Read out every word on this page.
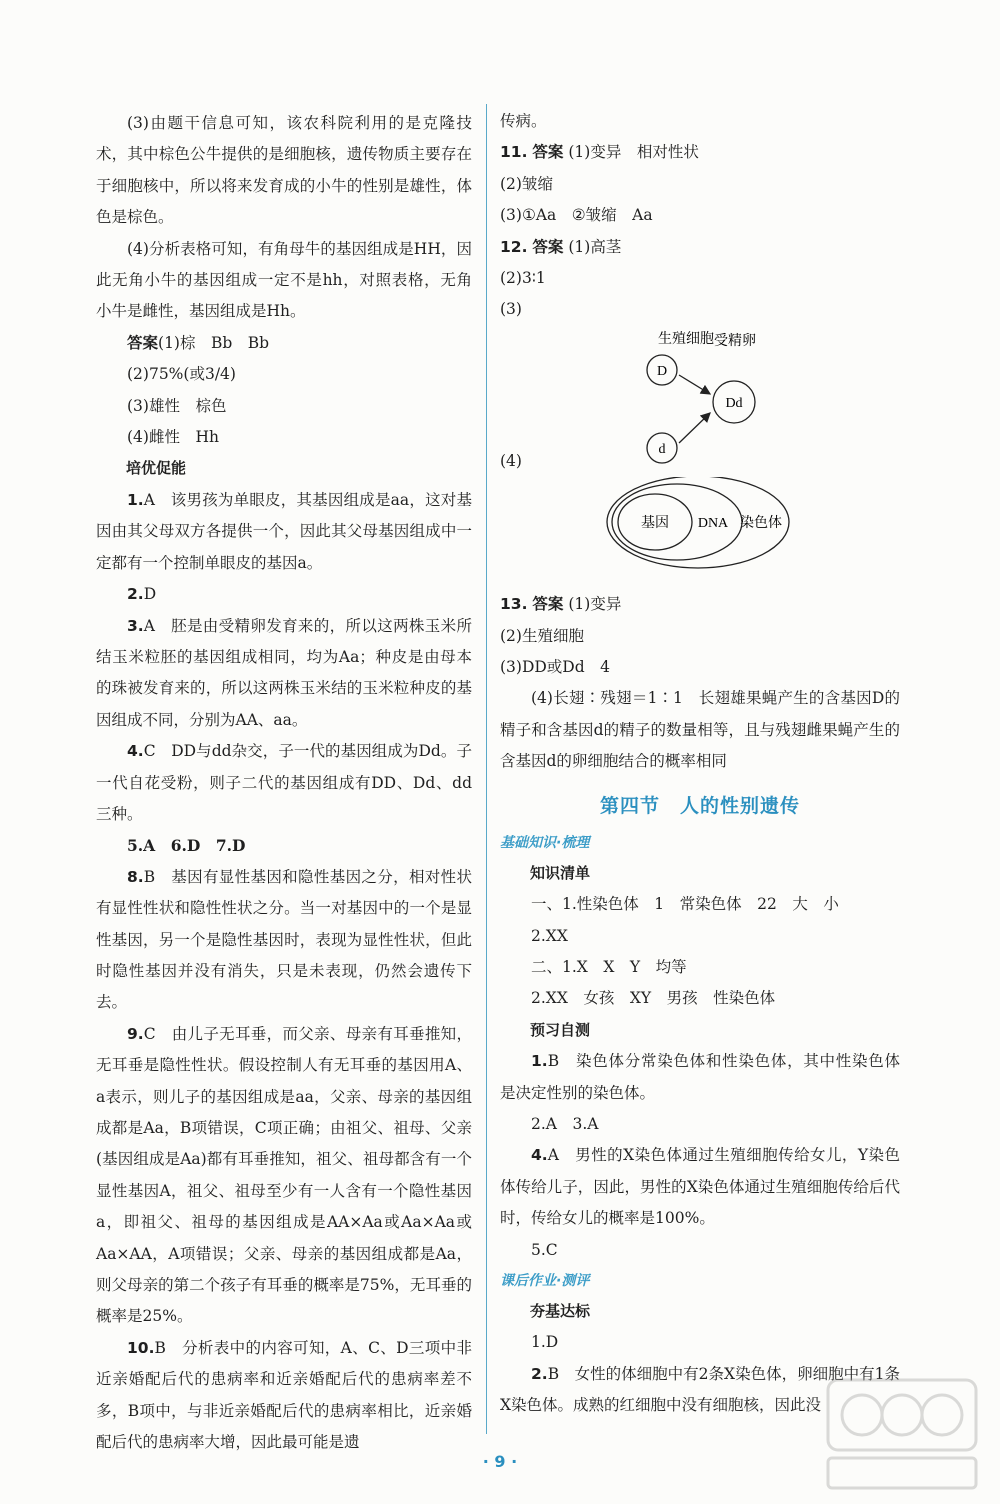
(3)由题干信息可知，该农科院利用的是克隆技术，其中棕色公牛提供的是细胞核，遗传物质主要存在于细胞核中，所以将来发育成的小牛的性别是雄性，体色是棕色。

(4)分析表格可知，有角母牛的基因组成是HH，因此无角小牛的基因组成一定不是hh，对照表格，无角小牛是雌性，基因组成是Hh。

答案(1)棕　Bb　Bb

(2)75%(或3/4)

(3)雄性　棕色

(4)雌性　Hh

培优促能

1.A　该男孩为单眼皮，其基因组成是aa，这对基因由其父母双方各提供一个，因此其父母基因组成中一定都有一个控制单眼皮的基因a。

2.D

3.A　胚是由受精卵发育来的，所以这两株玉米所结玉米粒胚的基因组成相同，均为Aa；种皮是由母本的珠被发育来的，所以这两株玉米结的玉米粒种皮的基因组成不同，分别为AA、aa。

4.C　DD与dd杂交，子一代的基因组成为Dd。子一代自花受粉，则子二代的基因组成有DD、Dd、dd三种。

5.A　6.D　7.D

8.B　基因有显性基因和隐性基因之分，相对性状有显性性状和隐性性状之分。当一对基因中的一个是显性基因，另一个是隐性基因时，表现为显性性状，但此时隐性基因并没有消失，只是未表现，仍然会遗传下去。

9.C　由儿子无耳垂，而父亲、母亲有耳垂推知，无耳垂是隐性性状。假设控制人有无耳垂的基因用A、a表示，则儿子的基因组成是aa，父亲、母亲的基因组成都是Aa，B项错误，C项正确；由祖父、祖母、父亲(基因组成是Aa)都有耳垂推知，祖父、祖母都含有一个显性基因A，祖父、祖母至少有一人含有一个隐性基因a，即祖父、祖母的基因组成是AA×Aa或Aa×Aa或Aa×AA，A项错误；父亲、母亲的基因组成都是Aa，则父母亲的第二个孩子有耳垂的概率是75%，无耳垂的概率是25%。

10.B　分析表中的内容可知，A、C、D三项中非近亲婚配后代的患病率和近亲婚配后代的患病率差不多，B项中，与非近亲婚配后代的患病率相比，近亲婚配后代的患病率大增，因此最可能是遗

传病。

11. 答案 (1)变异　相对性状

(2)皱缩

(3)①Aa　②皱缩　Aa

12. 答案 (1)高茎

(2)3∶1

(3)

生殖细胞
D
d
受精卵
Dd

(4)

基因 DNA 染色体

13. 答案 (1)变异

(2)生殖细胞

(3)DD或Dd　4

(4)长翅∶残翅＝1∶1　长翅雄果蝇产生的含基因D的精子和含基因d的精子的数量相等，且与残翅雌果蝇产生的含基因d的卵细胞结合的概率相同

第四节　人的性别遗传
基础知识·梳理
知识清单

一、1.性染色体　1　常染色体　22　大　小

2.XX

二、1.X　X　Y　均等

2.XX　女孩　XY　男孩　性染色体

预习自测

1.B　染色体分常染色体和性染色体，其中性染色体是决定性别的染色体。

2.A　3.A

4.A　男性的X染色体通过生殖细胞传给女儿，Y染色体传给儿子，因此，男性的X染色体通过生殖细胞传给后代时，传给女儿的概率是100%。

5.C

课后作业·测评
夯基达标

1.D

2.B　女性的体细胞中有2条X染色体，卵细胞中有1条X染色体。成熟的红细胞中没有细胞核，因此没

· 9 ·
